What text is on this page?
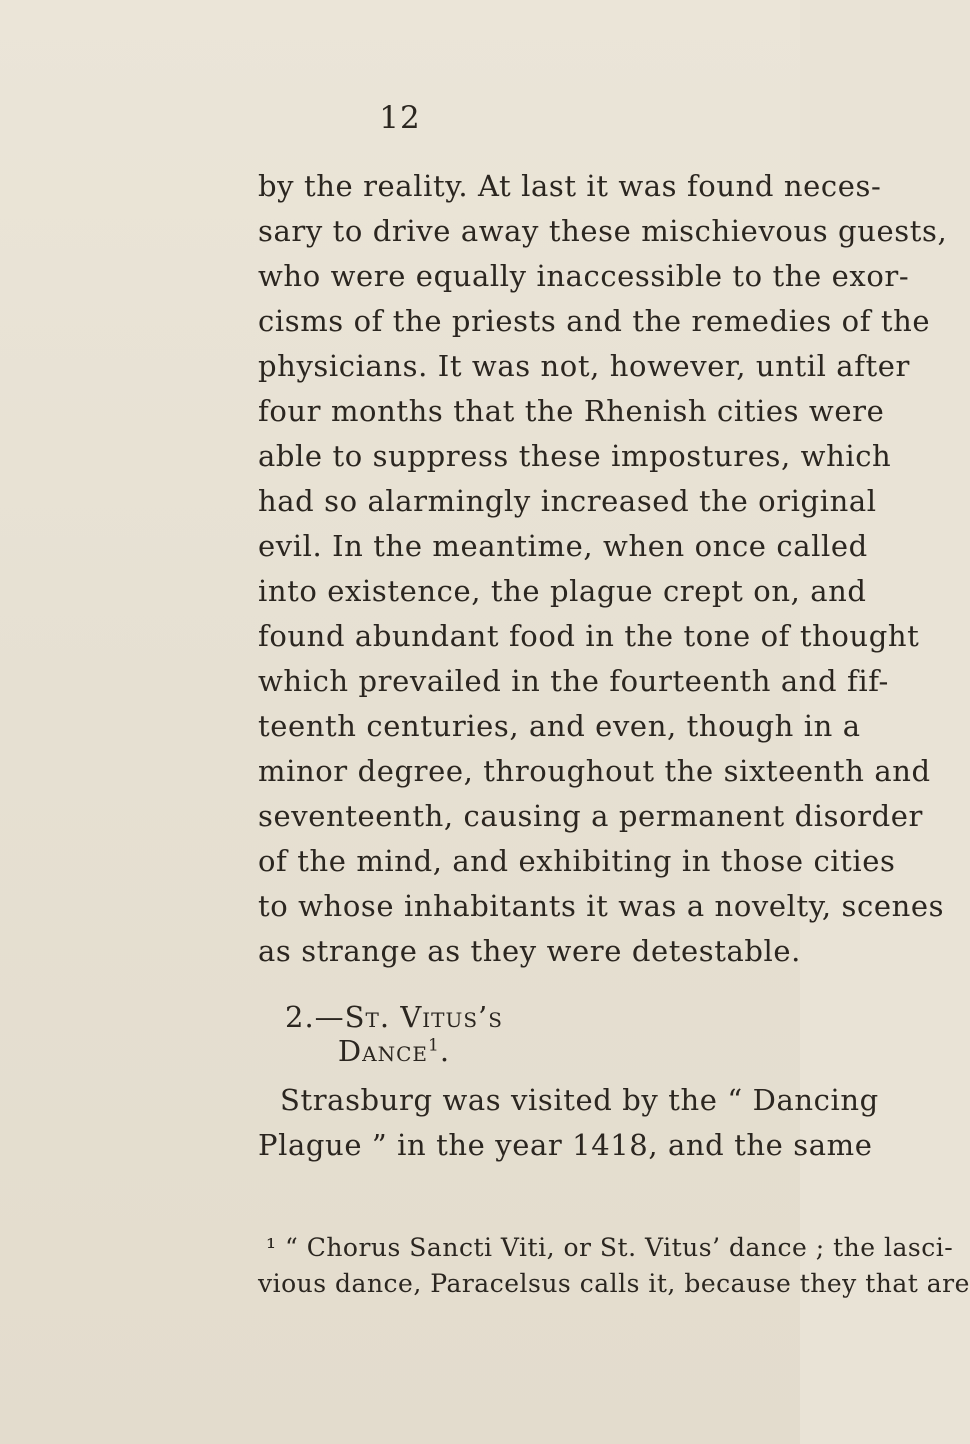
12
by the reality. At last it was found neces-
sary to drive away these mischievous guests,
who were equally inaccessible to the exor-
cisms of the priests and the remedies of the
physicians. It was not, however, until after
four months that the Rhenish cities were
able to suppress these impostures, which
had so alarmingly increased the original
evil. In the meantime, when once called
into existence, the plague crept on, and
found abundant food in the tone of thought
which prevailed in the fourteenth and fif-
teenth centuries, and even, though in a
minor degree, throughout the sixteenth and
seventeenth, causing a permanent disorder
of the mind, and exhibiting in those cities
to whose inhabitants it was a novelty, scenes
as strange as they were detestable.
2.—St. Vitus’s Dance$^1$.
Strasburg was visited by the “ Dancing
Plague ” in the year 1418, and the same
¹ “ Chorus Sancti Viti, or St. Vitus’ dance ; the lasci-
vious dance, Paracelsus calls it, because they that are
